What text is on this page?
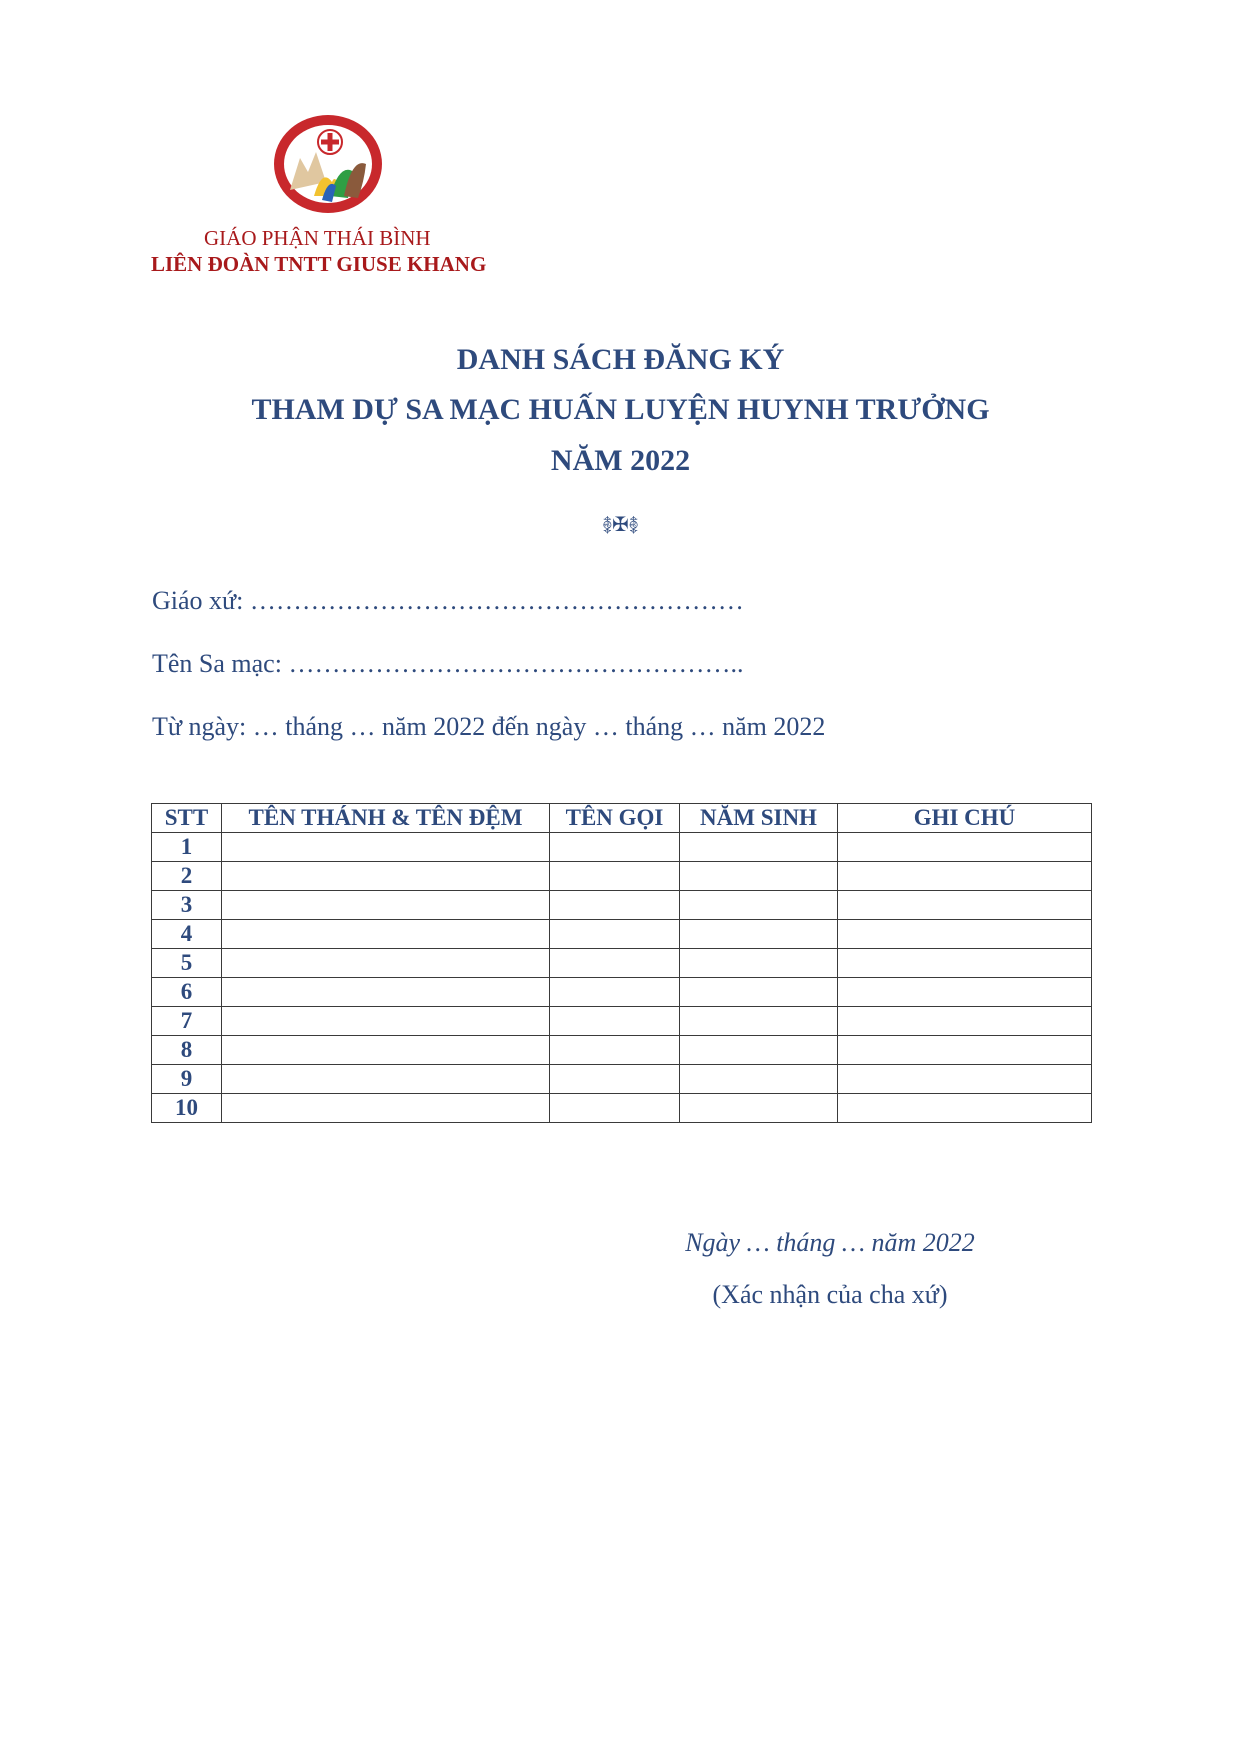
GIÁO PHẬN THÁI BÌNH
LIÊN ĐOÀN TNTT GIUSE KHANG
DANH SÁCH ĐĂNG KÝ
THAM DỰ SA MẠC HUẤN LUYỆN HUYNH TRƯỞNG
NĂM 2022
࿅✠࿅
Giáo xứ: …………………………………………………
Tên Sa mạc: ……………………………………………..
Từ ngày: … tháng … năm 2022 đến ngày … tháng … năm 2022
STT	TÊN THÁNH & TÊN ĐỆM	TÊN GỌI	NĂM SINH	GHI CHÚ
1				
2				
3				
4				
5				
6				
7				
8				
9				
10				
Ngày … tháng … năm 2022
(Xác nhận của cha xứ)
